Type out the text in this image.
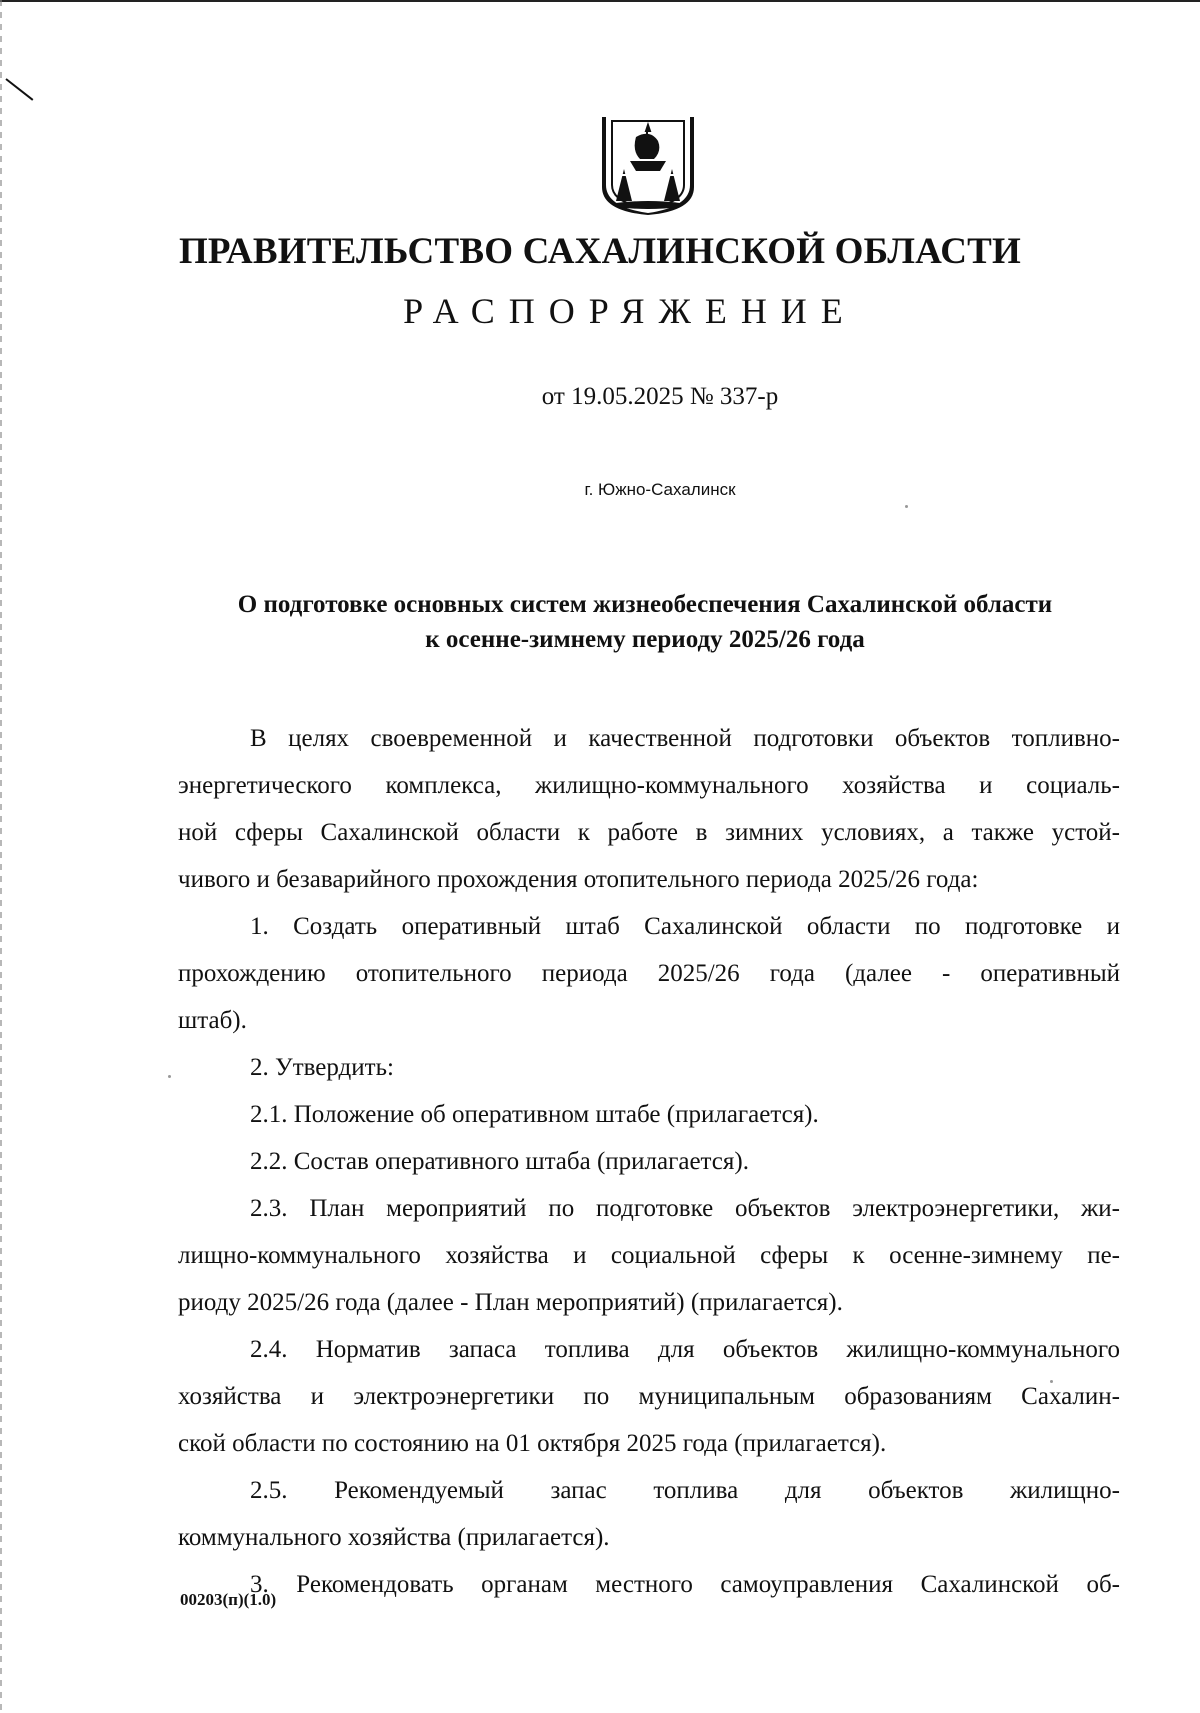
ПРАВИТЕЛЬСТВО САХАЛИНСКОЙ ОБЛАСТИ
РАСПОРЯЖЕНИЕ
от 19.05.2025 № 337-р
г. Южно-Сахалинск
О подготовке основных систем жизнеобеспечения Сахалинской области
к осенне-зимнему периоду 2025/26 года
В целях своевременной и качественной подготовки объектов топливно-
энергетического комплекса, жилищно-коммунального хозяйства и социаль-
ной сферы Сахалинской области к работе в зимних условиях, а также устой-
чивого и безаварийного прохождения отопительного периода 2025/26 года:
1. Создать оперативный штаб Сахалинской области по подготовке и
прохождению отопительного периода 2025/26 года (далее - оперативный
штаб).
2. Утвердить:
2.1. Положение об оперативном штабе (прилагается).
2.2. Состав оперативного штаба (прилагается).
2.3. План мероприятий по подготовке объектов электроэнергетики, жи-
лищно-коммунального хозяйства и социальной сферы к осенне-зимнему пе-
риоду 2025/26 года (далее - План мероприятий) (прилагается).
2.4. Норматив запаса топлива для объектов жилищно-коммунального
хозяйства и электроэнергетики по муниципальным образованиям Сахалин-
ской области по состоянию на 01 октября 2025 года (прилагается).
2.5. Рекомендуемый запас топлива для объектов жилищно-
коммунального хозяйства (прилагается).
3. Рекомендовать органам местного самоуправления Сахалинской об-
00203(п)(1.0)
